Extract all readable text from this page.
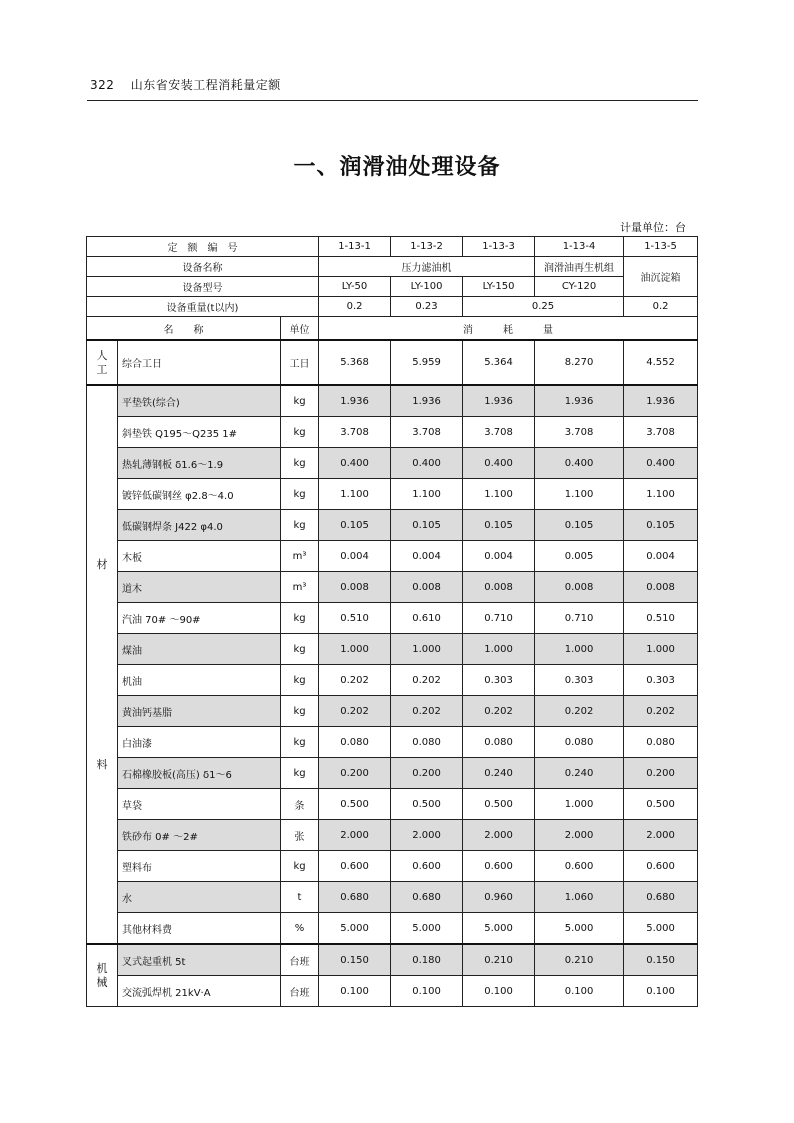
322 山东省安装工程消耗量定额
一、润滑油处理设备
计量单位：台
定　额　编　号			1-13-1	1-13-2	1-13-3	1-13-4	1-13-5
设备名称			压力滤油机			润滑油再生机组	油沉淀箱
设备型号			LY-50	LY-100	LY-150	CY-120	
设备重量(t以内)			0.2	0.23	0.25		0.2
名　　称		单位	消　　　耗　　　量				

人
工	综合工日	工日	5.368	5.959	5.364	8.270	4.552

材
料	平垫铁(综合)	kg	1.936	1.936	1.936	1.936	1.936
	斜垫铁 Q195～Q235 1#	kg	3.708	3.708	3.708	3.708	3.708
	热轧薄钢板 δ1.6～1.9	kg	0.400	0.400	0.400	0.400	0.400
	镀锌低碳钢丝 φ2.8～4.0	kg	1.100	1.100	1.100	1.100	1.100
	低碳钢焊条 J422 φ4.0	kg	0.105	0.105	0.105	0.105	0.105
	木板	m³	0.004	0.004	0.004	0.005	0.004
	道木	m³	0.008	0.008	0.008	0.008	0.008
	汽油 70# ～90#	kg	0.510	0.610	0.710	0.710	0.510
	煤油	kg	1.000	1.000	1.000	1.000	1.000
	机油	kg	0.202	0.202	0.303	0.303	0.303
	黄油钙基脂	kg	0.202	0.202	0.202	0.202	0.202
	白油漆	kg	0.080	0.080	0.080	0.080	0.080
	石棉橡胶板(高压) δ1～6	kg	0.200	0.200	0.240	0.240	0.200
	草袋	条	0.500	0.500	0.500	1.000	0.500
	铁砂布 0# ～2#	张	2.000	2.000	2.000	2.000	2.000
	塑料布	kg	0.600	0.600	0.600	0.600	0.600
	水	t	0.680	0.680	0.960	1.060	0.680
	其他材料费	%	5.000	5.000	5.000	5.000	5.000

机
械	叉式起重机 5t	台班	0.150	0.180	0.210	0.210	0.150
	交流弧焊机 21kV·A	台班	0.100	0.100	0.100	0.100	0.100
